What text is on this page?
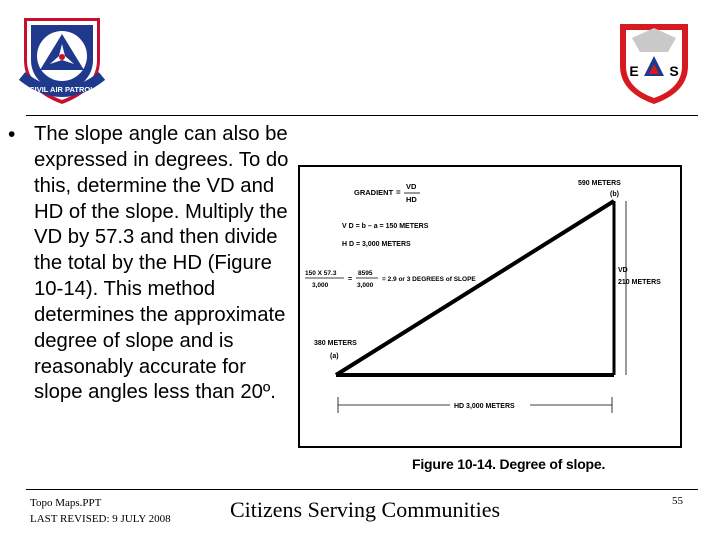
CIVIL AIR PATROL
E S
• The slope angle can also be expressed in degrees. To do this, determine the VD and HD of the slope. Multiply the VD by 57.3 and then divide the total by the HD (Figure 10-14). This method determines the approximate degree of slope and is reasonably accurate for slope angles less than 20º.
GRADIENT =
VD
HD
V D = b – a = 150 METERS
H D = 3,000 METERS
150 X 57.3
3,000
=
8595
3,000
= 2.9 or 3 DEGREES of SLOPE
590 METERS
(b)
VD
210 METERS
380 METERS
(a)
HD 3,000 METERS
Figure 10-14. Degree of slope.
Topo Maps.PPT
LAST REVISED: 9 JULY 2008	Citizens Serving Communities	55
